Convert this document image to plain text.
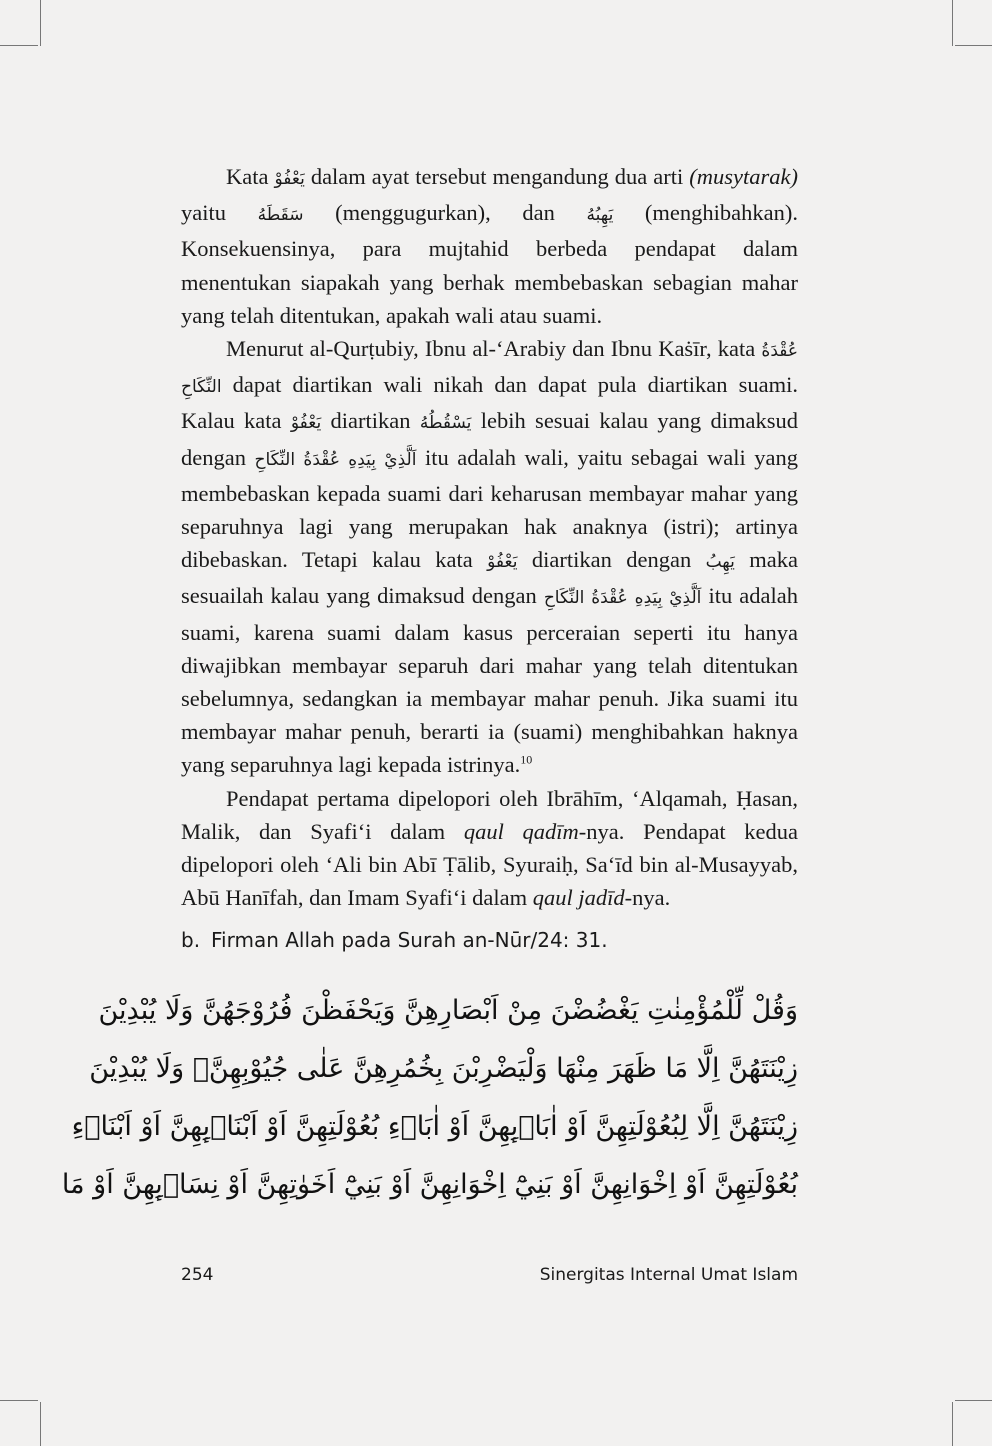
Kata يَعْفُوْ dalam ayat tersebut mengandung dua arti (musytarak) yaitu سَقَطَهُ (menggugurkan), dan يَهِبُهُ (menghibahkan). Konsekuensinya, para mujtahid berbeda pendapat dalam menentukan siapakah yang berhak membebaskan sebagian mahar yang telah ditentukan, apakah wali atau suami.

Menurut al-Qurṭubiy, Ibnu al-ʻArabiy dan Ibnu Kaṡīr, kata عُقْدَةُ النِّكَاحِ dapat diartikan wali nikah dan dapat pula diartikan suami. Kalau kata يَعْفُوْ diartikan يَسْقُطُهُ lebih sesuai kalau yang dimaksud dengan اَلَّذِيْ بِيَدِهِ عُقْدَةُ النِّكَاحِ itu adalah wali, yaitu sebagai wali yang membebaskan kepada suami dari keharusan membayar mahar yang separuhnya lagi yang merupakan hak anaknya (istri); artinya dibebaskan. Tetapi kalau kata يَعْفُوْ diartikan dengan يَهِبُ maka sesuailah kalau yang dimaksud dengan اَلَّذِيْ بِيَدِهِ عُقْدَةُ النِّكَاحِ itu adalah suami, karena suami dalam kasus perceraian seperti itu hanya diwajibkan membayar separuh dari mahar yang telah ditentukan sebelumnya, sedangkan ia membayar mahar penuh. Jika suami itu membayar mahar penuh, berarti ia (suami) menghibahkan haknya yang separuhnya lagi kepada istrinya.$^{10}$

Pendapat pertama dipelopori oleh Ibrāhīm, ʻAlqamah, Ḥasan, Malik, dan Syafi‘i dalam qaul qadīm-nya. Pendapat kedua dipelopori oleh ʻAli bin Abī Ṭālib, Syuraiḥ, Sa‘īd bin al-Musayyab, Abū Hanīfah, dan Imam Syafi‘i dalam qaul jadīd-nya.

b. Firman Allah pada Surah an-Nūr/24: 31.
وَقُلْ لِّلْمُؤْمِنٰتِ يَغْضُضْنَ مِنْ اَبْصَارِهِنَّ وَيَحْفَظْنَ فُرُوْجَهُنَّ وَلَا يُبْدِيْنَ
زِيْنَتَهُنَّ اِلَّا مَا ظَهَرَ مِنْهَا وَلْيَضْرِبْنَ بِخُمُرِهِنَّ عَلٰى جُيُوْبِهِنَّۖ وَلَا يُبْدِيْنَ
زِيْنَتَهُنَّ اِلَّا لِبُعُوْلَتِهِنَّ اَوْ اٰبَاۤىِٕهِنَّ اَوْ اٰبَاۤءِ بُعُوْلَتِهِنَّ اَوْ اَبْنَاۤىِٕهِنَّ اَوْ اَبْنَاۤءِ
بُعُوْلَتِهِنَّ اَوْ اِخْوَانِهِنَّ اَوْ بَنِيْٓ اِخْوَانِهِنَّ اَوْ بَنِيْٓ اَخَوٰتِهِنَّ اَوْ نِسَاۤىِٕهِنَّ اَوْ مَا
254	Sinergitas Internal Umat Islam
